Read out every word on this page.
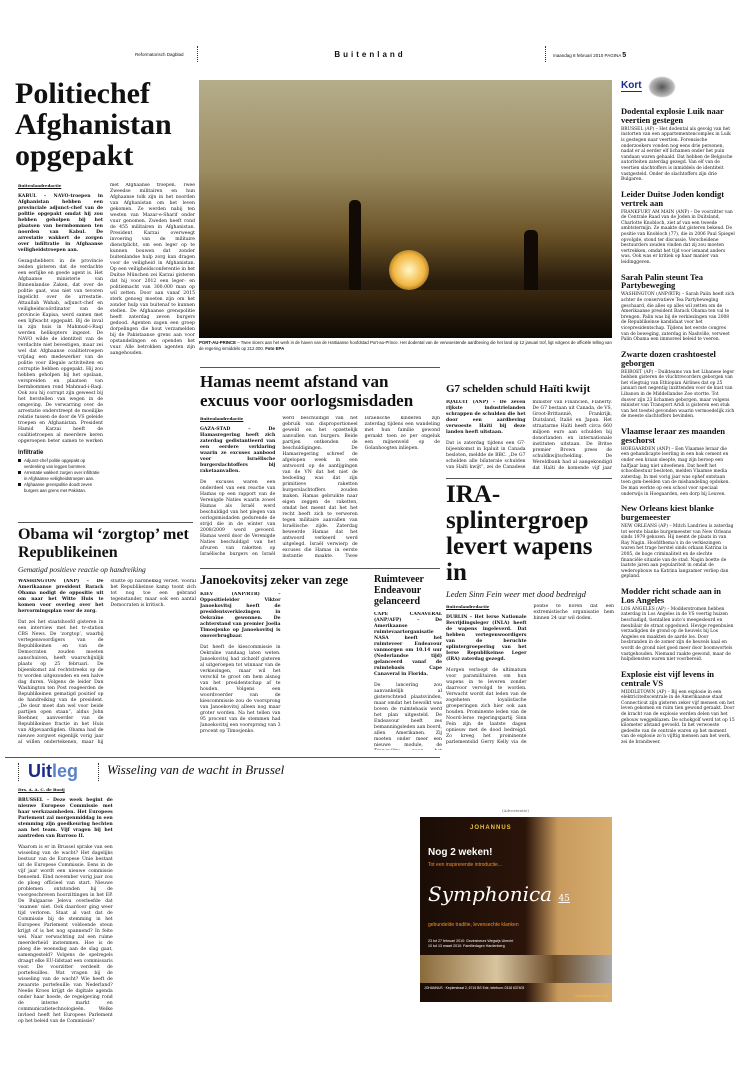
Reformatorisch Dagblad	Buitenland	maandag 8 februari 2010 PAGINA 5
Politiechef Afghanistan opgepakt
Buitenlandredactie
KABUL – NAVO-troepen in Afghanistan hebben een provinciale adjunct-chef van de politie opgepakt omdat hij zou hebben geholpen bij het plaatsen van bermbommen ten noorden van Kabul. De arrestatie wakkert de zorgen over infiltratie in Afghaanse veiligheidstroepen aan.
Gezagshebbers in de provincie zeiden gisteren dat de verdachte een eerlijke en goede agent is. Het Afghaanse ministerie van Binnenlandse Zaken, dat over de politie gaat, was niet van tevoren ingelicht over de arrestatie. Attaullah Wahab, adjunct-chef en veiligheidscoördinator van de provincie Kapisa, werd samen met een lijfwacht opgepakt. Bij de inval in zijn huis in Mahmud-i-Raqi werden helikopters ingezet. De NAVO wilde de identiteit van de verdachte niet bevestigen, maar zei wel dat Afghaanse coalitietroepen vrijdag een medewerker van de politie voor illegale activiteiten en corruptie hebben opgepakt. Hij zou hebben geholpen bij het opslaan, verspreiden en plaatsen van bermbommen rond Mahmud-i-Raqi. Ook zou hij corrupt zijn geweest bij het herstellen van wegen in de omgeving. De verwarring over de arrestatie onderstreept de moeilijke relatie tussen de door de VS geleide troepen en Afghanistan. President Hamid Karzai heeft de coalitietroepen al meerdere keren opgeroepen beter samen te werken met Afghaanse troepen. Twee Zweedse militairen en hun Afghaanse tolk zijn in het noorden van Afghanistan om het leven gekomen. Ze werden nabij ten westen van Mazar-e-Sharif onder vuur genomen. Zweden heeft rond de 455 militairen in Afghanistan. President Karzai overweegt invoering van de militaire dienstplicht, om een leger op te kunnen bouwen dat zonder buitenlandse hulp zorg kan dragen voor de veiligheid in Afghanistan. Op een veiligheidsconferentie in het Duitse München zei Karzai gisteren dat hij voor 2012 een leger- en politiemacht van 300.000 man op wil zetten. Door aan vanaf 2015 sterk genoeg moeten zijn om het zonder hulp van buitenaf te kunnen stellen. De Afghaanse grenspolitie heeft zaterdag zeven burgers gedood. Agenten zagen een groep dorpelingen die hout verzamelden bij de Pakistaanse grens aan voor opstandelingen en openden het vuur. Alle betrokken agenten zijn aangehouden.
Infiltratie
Adjunct-chef politie opgepakt op verdenking van leggen bommen.
Arrestatie wakkert zorgen over infiltratie in Afghaanse veiligheidstroepen aan.
Afghaanse grenspolitie doodt zeven burgers aan grens met Pakistan.
PORT-AU-PRINCE – Twee sloers aan het werk in de haven van de Haïtiaanse hoofdstad Port-au-Prince. Het dodental van de verwoestende aardbeving die het land op 12 januari trof, ligt volgens de officiële telling van de regering inmiddels op 212.000. Foto EPA
Hamas neemt afstand van excuus voor oorlogsmisdaden
Buitenlandredactie
GAZA-STAD – De Hamasregering heeft zich zaterdag gedistantieerd van een eerdere verklaring waarin ze excuses aanbood voor Israëlische burgerslachtoffers bij raketaanvallen.
De excuses waren een onderdeel van een reactie van Hamas op een rapport van de Verenigde Naties waarin zowel Hamas als Israël werd beschuldigd van het plegen van oorlogsmisdaden gedurende de strijd die in de winter van 2008/2009 werd gevoerd. Hamas werd door de Verenigde Naties beschuldigd van het afvuren van raketten op Israëlische burgers en Israël werd beschuldigd van het gebruik van disproportioneel geweld en het opzettelijk aanvallen van burgers. Beide partijen ontkenden de beschuldigingen. De Hamasregering schreef de afgelopen week in een antwoord op de aantijgingen van de VN dat het niet de bedoeling was dat zijn primitieve raketten burgerslachtoffers zouden maken. Hamas gebruikte naar eigen zeggen de raketten, omdat het meent dat het het recht heeft zich te verweren tegen militaire aanvallen van Israëlische zijde. Zaterdag beweerde Hamas dat het antwoord verkeerd werd uitgelegd. Israël verwierp de excuses die Hamas in eerste instantie maakte. Twee Israëlische kinderen zijn zaterdag tijdens een wandeling met hun familie gewond geraakt toen ze per ongeluk een mijnenveld op de Golanhoogten inliepen.
G7 schelden schuld Haïti kwijt
IQALUIT (ANP) – De zeven rijkste industrielanden schrappen de schulden die het door een aardbeving verwoeste Haïti bij deze landen heeft uitstaan.
Dat is zaterdag tijdens een G7-bijeenkomst in Iqaluit in Canada besloten, meldde de BBC. „De G7 schelden alle bilaterale schulden van Haïti kwijt”, zei de Canadese minister van Financiën, Flaherty. De G7 bestaan uit Canada, de VS, Groot-Brittannië, Frankrijk, Duitsland, Italië en Japan. Het straatarme Haïti heeft circa 660 miljoen euro aan schulden bij donorlanden en internationale instituten uitstaan. De Britse premier Brown prees de schuldkwijtschelding. De Wereldbank had al aangekondigd dat Haïti de komende vijf jaar
IRA-splintergroep levert wapens in
Leden Sinn Fein weer met dood bedreigd
Buitenlandredactie
DUBLIN – Het Ierse Nationale Bevrijdingsleger (INLA) heeft de wapens ingeleverd. Dat hebben vertegenwoordigers van de beruchte splintergroepering van het Ierse Republikeinse Leger (IRA) zaterdag gezegd.
Morgen verloopt de ultimatum voor paramilitairen om hun wapens in te leveren zonder daarvoor vervolgd te worden. Verwacht wordt dat leden van de zogeheten loyalistische groeperingen zich hier ook aan houden. Prominente leden van de Noord-Ierse regeringspartij Sinn Fein zijn de laatste dagen opnieuw met de dood bedreigd. Zo kreeg het prominente parlementslid Gerry Kelly via de politie te horen dat een extremistische organisatie hem binnen 24 uur wil doden.
Janoekovitsj zeker van zege
KIEV (ANP/RTR) – Oppositieleider Viktor Janoekovitsj heeft de presidentsverkiezingen in Oekraïne gewonnen. De achterstand van premier Joelia Timosjenko op Janoekovitsj is onoverbrugbaar.
Dat heeft de kiescommissie in Oekraïne vandaag laten weten. Janoekovitsj had zichzelf gisteren al uitgeroepen tot winnaar van de verkiezingen, maar wil het verschil te groot om hem alsnog van het presidentschap af te houden. Volgens een woordvoerder van de kiescommissie zou de voorsprong van Janoekovitsj alleen nog maar groter worden. Na het tellen van 95 procent van de stemmen had Janoekovitsj een voorsprong van 3 procent op Timosjenko.
Ruimteveer Endeavour gelanceerd
CAPE CANAVERAL (ANP/AFP) – De Amerikaanse ruimtevaartorganisatie NASA heeft het ruimteveer Endeavour vanmorgen om 10.14 uur (Nederlandse tijd) gelanceerd vanaf de ruimtebasis Cape Canaveral in Florida.
De lancering zou aanvankelijk al gisterochtend plaatsvinden, maar omdat het bewolkt was boven de ruimtebasis werd het plan uitgesteld. De Endeavour heeft zes bemanningsleden aan boord, allen Amerikanen. Zij moeten onder meer een nieuwe module, de
Obama wil ‘zorgtop’ met Republikeinen
Gematigd positieve reactie op handreiking
WASHINGTON (ANP) – De Amerikaanse president Barack Obama nodigt de oppositie uit om naar het Witte Huis te komen voor overleg over het hervormingsplan voor de zorg.
Dat zei het staatshoofd gisteren in een interview met het tv-station CBS News. De ‘zorgtop’, waarbij vertegenwoordigers van de Republikeinen en van de Democraten zouden moeten aanschuiven, heeft waarschijnlijk plaats op 25 februari. De bijeenkomst zal rechtstreeks op de tv worden uitgezonden en een halve dag duren. Volgens de leider Dan Washington ten Post reageerden de Republikeinen gematigd positief op de handreiking van de president. „De deur moet dan wel voor beide partijen open staan”, aldus John Boehner, aanvoerder van de Republikeinse fractie in het Huis van Afgevaardigden. Obama had de nieuwe zorgwet eigenlijk vorig jaar al willen ondertekenen, maar hij stuitte op hardnekkig verzet. Vooral het Republikeinse kamp toont zich tot nog toe een gebrand tegenstander, maar ook een aantal Democraten is kritisch.
Uitleg Wisseling van de wacht in Brussel
Drs. A. A. C. de Booij
BRUSSEL – Deze week begint de nieuwe Europese Commissie met haar werkzaamheden. Het Europees Parlement zal morgenmiddag in een stemming zijn goedkeuring hechten aan het team. Vijf vragen bij het aantreden van Barroso II.
Waarom is er in Brussel sprake van een wisseling van de wacht? Het dagelijks bestuur van de Europese Unie bestaat uit de Europese Commissie. Eens in de vijf jaar wordt een nieuwe commissie benoemd. Eind november vorig jaar zou de ploeg officieel van start. Nieuwe problemen ontstonden bij de voorgeschreven hoorzittingen in het EP. De Bulgaarse Jeleva overleefde dat ‘examen’ niet. Ook daardoor ging weer tijd verloren. Staat al vast dat de Commissie bij de stemming in het Europees Parlement voldoende steun krijgt of is het nog spannend? In feite wel. Naar verwachting zal een ruime meerderheid instemmen. Hoe is de ploeg die woensdag aan de slag gaat, samengesteld? Volgens de spelregels draagt elke EU-lidstaat een commissaris voor. De voorzitter verdeelt de portefeuilles. Wat vragen bij de wisseling van de wacht? Wie heeft de zwaarste portefeuille van Nederland? Neelie Kroes krijgt de digitale agenda onder haar hoede, de regelgeving rond de interne markt en communicatietechnologieën. Welke invloed heeft het Europees Parlement op het beleid van de Commissie?
(Advertentie)
JOHANNUS
Nog 2 weken!
Tot een inspirerende introductie...
Symphonica 45
gebundelde traditie, levensechte klanken
23 tot 27 februari 2010: Gezinsbeurs Wegwijs Utrecht
10 tot 13 maart 2010: Familiedagen Hardenberg
JOHANNUS · Keplerstraat 2, 6716 BS Ede, telefoon: 0318 637403
www.johannus.com
Kort
Dodental explosie Luik naar veertien gestegen

BRUSSEL (AP) – Het dodental als gevolg van het instorten van een appartementencomplex in Luik is gestegen naar veertien. Forensische onderzoekers vonden nog eens drie personen, nadat er al eerder elf lichamen onder het puin vandaan waren gehaald. Dat hebben de Belgische autoriteiten zaterdag gezegd. Van elf van de veertien slachtoffers is inmiddels de identiteit vastgesteld. Onder de slachtoffers zijn drie Bulgaren.

Leider Duitse Joden kondigt vertrek aan

FRANKFURT AM MAIN (ANP) – De voorzitter van de Centrale Raad van de Joden in Duitsland, Charlotte Knobloch, ziet af van een tweede ambtstermijn. Ze maakte dat gisteren bekend. De positie van Knobloch (77), die in 2006 Paul Spiegel opvolgde, stond ter discussie. Verscheidene bestuurders zouden vinden dat zij zou moeten vertrekken, omdat het tijd voor iemand anders was. Ook was er kritiek op haar manier van leidinggeven.

Sarah Palin steunt Tea Partybeweging

WASHINGTON (ANP/RTR) – Sarah Palin heeft zich achter de conservatieve Tea Partybeweging geschaard, die alles op alles wil zetten om de Amerikaanse president Barack Obama ten val te brengen. Palin was bij de verkiezingen van 2008 de Republikeinse kandidaat voor het vicepresidentschap. Tijdens het eerste congres van de beweging, zaterdag in Nashville, verweet Palin Obama een immoreel beleid te voeren.

Zwarte dozen crashtoestel geborgen

BEIROET (AP) – Duikteams van het Libanese leger hebben gisteren de vluchtrecorders geborgen van het vliegtuig van Ethiopian Airlines dat op 25 januari met negentig inzittenden voor de kust van Libanon in de Middellandse Zee stortte. Tot dusver zijn 23 lichamen geborgen, maar volgens minister van Transport Aridi is gisteren een stuk van het toestel gevonden waarin vermoedelijk zich de meeste slachtoffers bevinden.

Vlaamse leraar zes maanden geschorst

HOEGAARDEN (ANP) – Een Vlaamse leraar die een gehandicapte leerling in een bak cement en onder een kraan sleepte, mag zijn beroep een halfjaar lang niet uitoefenen. Dat heeft het schoolbestuur besloten, melden Vlaamse media zaterdag. In mei vorig jaar was ophef ontstaan toen gsm-beelden van de mishandeling opdoken. De man werkte op een school voor speciaal onderwijs in Hoegaarden, een dorp bij Leuven.

New Orleans kiest blanke burgemeester

NEW ORLEANS (AP) – Mitch Landrieu is zaterdag tot eerste blanke burgemeester van New Orleans sinds 1979 gekozen. Hij neemt de plaats in van Ray Nagin. Hoofdthema’s in de verkiezingen waren het trage herstel sinds orkaan Katrina in 2005, de hoge criminaliteit en de slechte financiële situatie van de stad. Nagin boette de laatste jaren aan populariteit in omdat de wederopbouw na Katrina langzamer verliep dan gepland.

Modder richt schade aan in Los Angeles

LOS ANGELES (AP) – Modderstromen hebben zaterdag in Los Angeles in de VS veertig huizen beschadigd, tientallen auto’s meegesleurd en meubilair de straat opgeduwd. Hevige regenbuien verzadigden de grond op de heuvels bij Los Angeles en maakten de aarde los. Door bosbranden in de zomer zijn de heuvels kaal en wordt de grond niet goed meer door boomwortels vastgehouden. Niemand raakte gewond, maar de hulpdiensten waren niet voorbereid.

Explosie eist vijf levens in centrale VS

MIDDLETOWN (AP) – Bij een explosie in een elektriciteitscentrale in de Amerikaanse staat Connecticut zijn gisteren zeker vijf mensen om het leven gekomen en ruim tien gewond geraakt. Door de kracht van de explosie werden delen van het gebouw weggeblazen. De schokgolf werd tot op 15 kilometer afstand gevoeld. In het verwoeste gedeelte van de centrale waren op het moment van de explosie zo’n vijftig mensen aan het werk, zei de brandweer.
